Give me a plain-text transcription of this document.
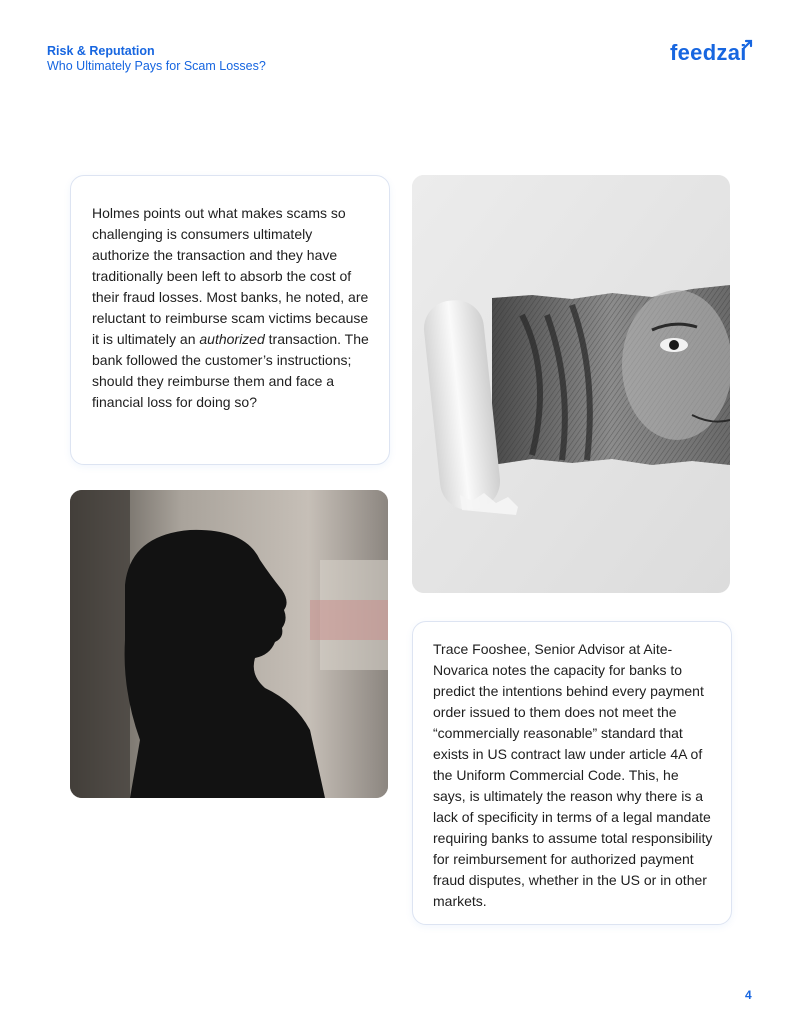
Risk & Reputation
Who Ultimately Pays for Scam Losses?
feedzai

Holmes points out what makes scams so challenging is consumers ultimately authorize the transaction and they have traditionally been left to absorb the cost of their fraud losses. Most banks, he noted, are reluctant to reimburse scam victims because it is ultimately an authorized transaction. The bank followed the customer’s instructions; should they reimburse them and face a financial loss for doing so?

Trace Fooshee, Senior Advisor at Aite-Novarica notes the capacity for banks to predict the intentions behind every payment order issued to them does not meet the “commercially reasonable” standard that exists in US contract law under article 4A of the Uniform Commercial Code. This, he says, is ultimately the reason why there is a lack of specificity in terms of a legal mandate requiring banks to assume total responsibility for reimbursement for authorized payment fraud disputes, whether in the US or in other markets.

4
